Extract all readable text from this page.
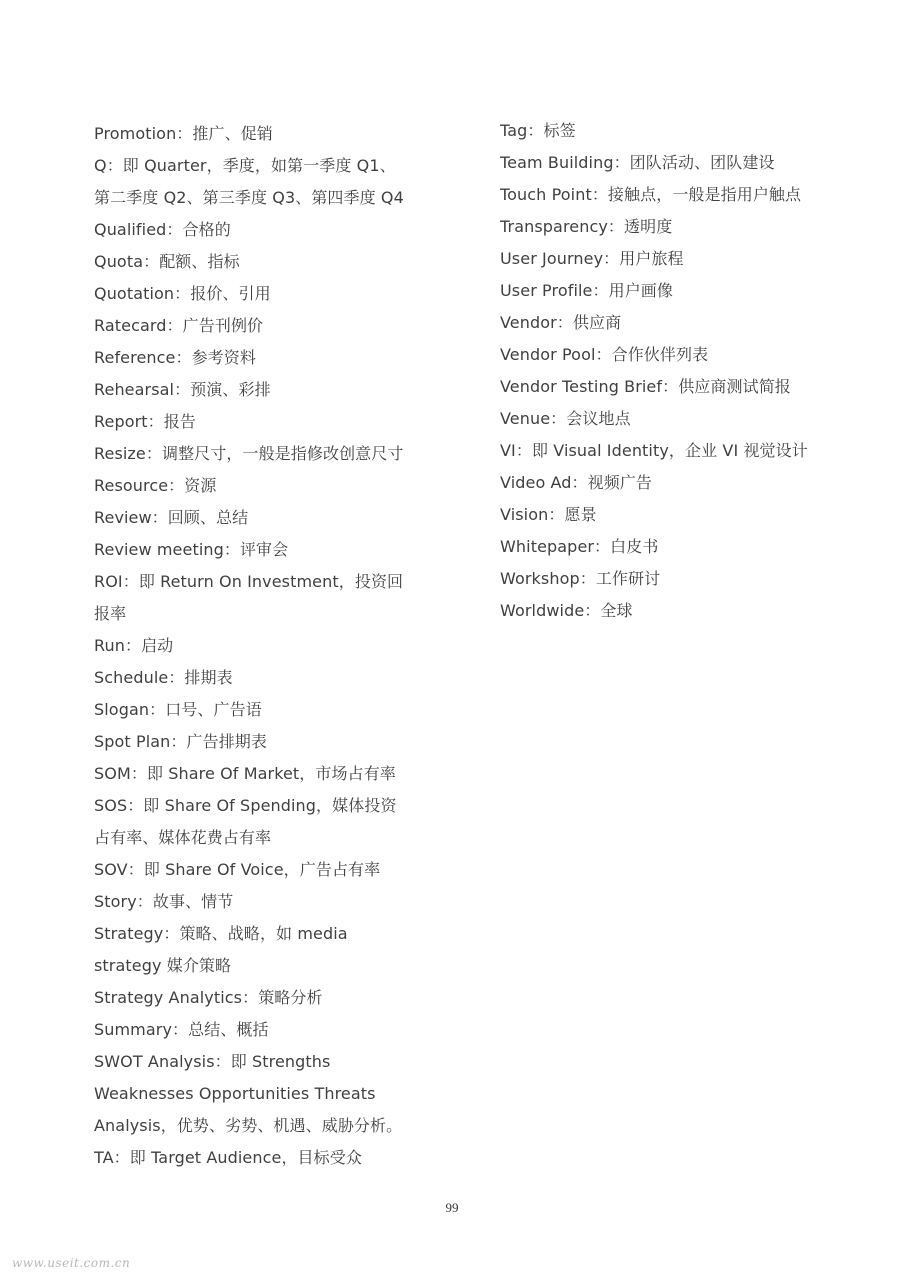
Promotion：推广、促销
Q：即 Quarter，季度，如第一季度 Q1、
第二季度 Q2、第三季度 Q3、第四季度 Q4
Qualified：合格的
Quota：配额、指标
Quotation：报价、引用
Ratecard：广告刊例价
Reference：参考资料
Rehearsal：预演、彩排
Report：报告
Resize：调整尺寸，一般是指修改创意尺寸
Resource：资源
Review：回顾、总结
Review meeting：评审会
ROI：即 Return On Investment，投资回
报率
Run：启动
Schedule：排期表
Slogan：口号、广告语
Spot Plan：广告排期表
SOM：即 Share Of Market，市场占有率
SOS：即 Share Of Spending，媒体投资
占有率、媒体花费占有率
SOV：即 Share Of Voice，广告占有率
Story：故事、情节
Strategy：策略、战略，如 media
strategy 媒介策略
Strategy Analytics：策略分析
Summary：总结、概括
SWOT Analysis：即 Strengths
Weaknesses Opportunities Threats
Analysis，优势、劣势、机遇、威胁分析。
TA：即 Target Audience，目标受众
Tag：标签
Team Building：团队活动、团队建设
Touch Point：接触点，一般是指用户触点
Transparency：透明度
User Journey：用户旅程
User Profile：用户画像
Vendor：供应商
Vendor Pool：合作伙伴列表
Vendor Testing Brief：供应商测试简报
Venue：会议地点
VI：即 Visual Identity，企业 VI 视觉设计
Video Ad：视频广告
Vision：愿景
Whitepaper：白皮书
Workshop：工作研讨
Worldwide：全球
99
www.useit.com.cn
